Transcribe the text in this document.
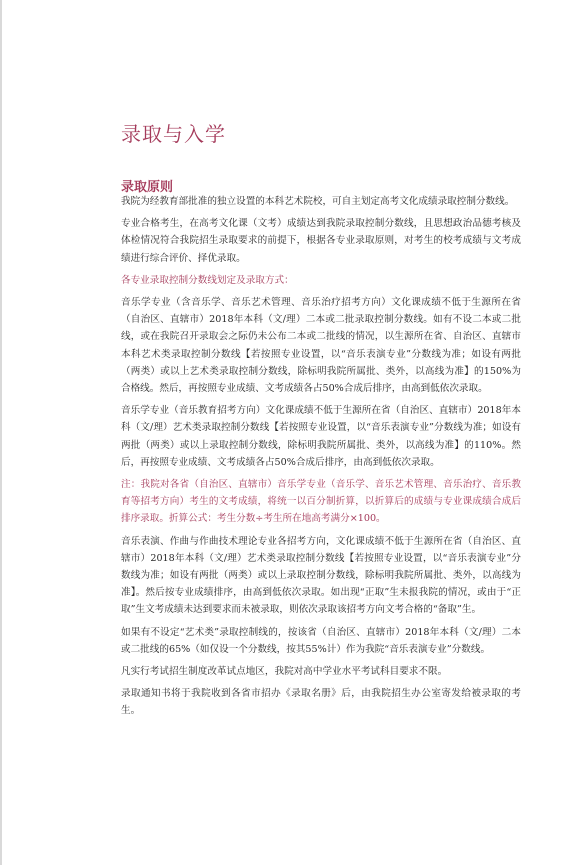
录取与入学
录取原则

我院为经教育部批准的独立设置的本科艺术院校，可自主划定高考文化成绩录取控制分数线。

专业合格考生，在高考文化课（文考）成绩达到我院录取控制分数线，且思想政治品德考核及体检情况符合我院招生录取要求的前提下，根据各专业录取原则，对考生的校考成绩与文考成绩进行综合评价、择优录取。

各专业录取控制分数线划定及录取方式：

音乐学专业（含音乐学、音乐艺术管理、音乐治疗招考方向）文化课成绩不低于生源所在省（自治区、直辖市）2018年本科（文/理）二本或二批录取控制分数线。如有不设二本或二批线，或在我院召开录取会之际仍未公布二本或二批线的情况，以生源所在省、自治区、直辖市本科艺术类录取控制分数线【若按照专业设置，以“音乐表演专业”分数线为准；如设有两批（两类）或以上艺术类录取控制分数线，除标明我院所属批、类外，以高线为准】的150%为合格线。然后，再按照专业成绩、文考成绩各占50%合成后排序，由高到低依次录取。

音乐学专业（音乐教育招考方向）文化课成绩不低于生源所在省（自治区、直辖市）2018年本科（文/理）艺术类录取控制分数线【若按照专业设置，以“音乐表演专业”分数线为准；如设有两批（两类）或以上录取控制分数线，除标明我院所属批、类外，以高线为准】的110%。然后，再按照专业成绩、文考成绩各占50%合成后排序，由高到低依次录取。

注：我院对各省（自治区、直辖市）音乐学专业（音乐学、音乐艺术管理、音乐治疗、音乐教育等招考方向）考生的文考成绩，将统一以百分制折算，以折算后的成绩与专业课成绩合成后排序录取。折算公式：考生分数÷考生所在地高考满分×100。

音乐表演、作曲与作曲技术理论专业各招考方向，文化课成绩不低于生源所在省（自治区、直辖市）2018年本科（文/理）艺术类录取控制分数线【若按照专业设置，以“音乐表演专业”分数线为准；如设有两批（两类）或以上录取控制分数线，除标明我院所属批、类外，以高线为准】。然后按专业成绩排序，由高到低依次录取。如出现“正取”生未报我院的情况，或由于“正取”生文考成绩未达到要求而未被录取，则依次录取该招考方向文考合格的“备取”生。

如果有不设定“艺术类”录取控制线的，按该省（自治区、直辖市）2018年本科（文/理）二本或二批线的65%（如仅设一个分数线，按其55%计）作为我院“音乐表演专业”分数线。

凡实行考试招生制度改革试点地区，我院对高中学业水平考试科目要求不限。

录取通知书将于我院收到各省市招办《录取名册》后，由我院招生办公室寄发给被录取的考生。
